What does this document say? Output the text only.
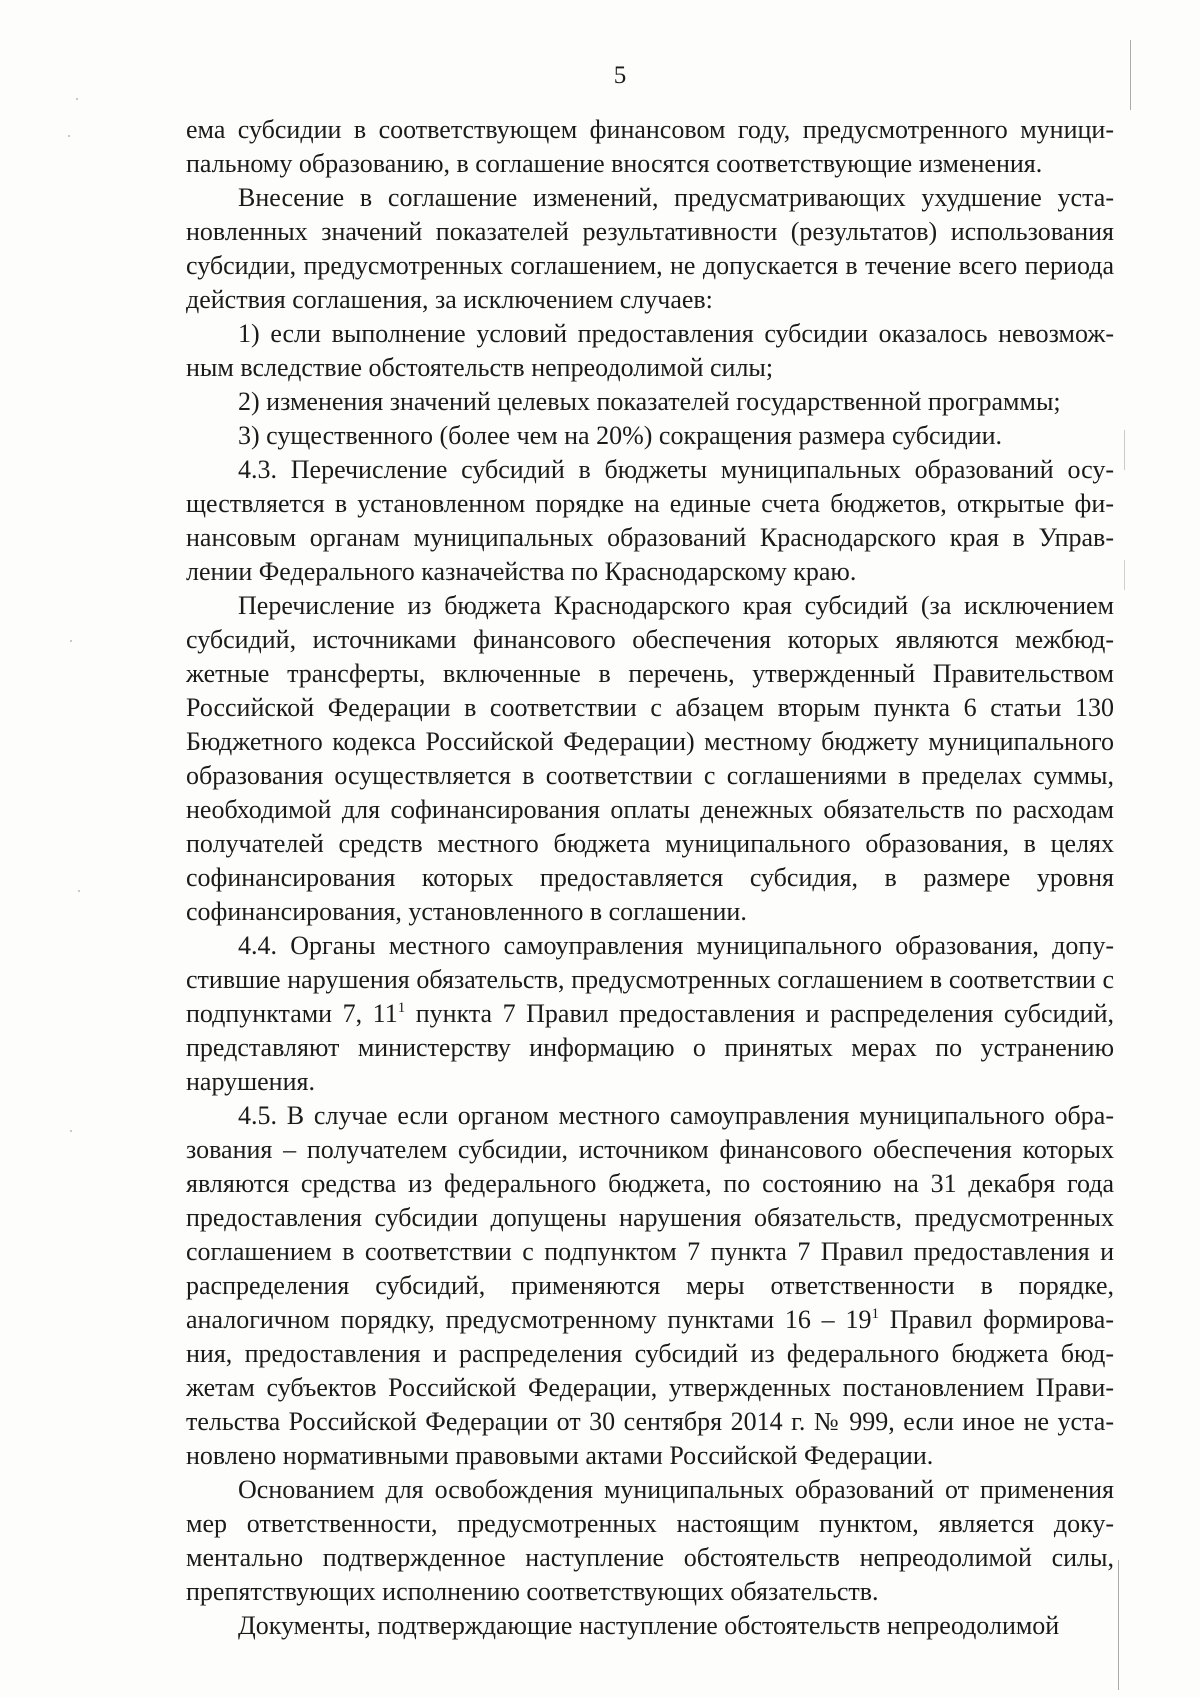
5

ема субсидии в соответствующем финансовом году, предусмотренного муниципальному образованию, в соглашение вносятся соответствующие изменения.

Внесение в соглашение изменений, предусматривающих ухудшение установленных значений показателей результативности (результатов) использования субсидии, предусмотренных соглашением, не допускается в течение всего периода действия соглашения, за исключением случаев:

1) если выполнение условий предоставления субсидии оказалось невозможным вследствие обстоятельств непреодолимой силы;

2) изменения значений целевых показателей государственной программы;

3) существенного (более чем на 20%) сокращения размера субсидии.

4.3. Перечисление субсидий в бюджеты муниципальных образований осуществляется в установленном порядке на единые счета бюджетов, открытые финансовым органам муниципальных образований Краснодарского края в Управлении Федерального казначейства по Краснодарскому краю.

Перечисление из бюджета Краснодарского края субсидий (за исключением субсидий, источниками финансового обеспечения которых являются межбюджетные трансферты, включенные в перечень, утвержденный Правительством Российской Федерации в соответствии с абзацем вторым пункта 6 статьи 130 Бюджетного кодекса Российской Федерации) местному бюджету муниципального образования осуществляется в соответствии с соглашениями в пределах суммы, необходимой для софинансирования оплаты денежных обязательств по расходам получателей средств местного бюджета муниципального образования, в целях софинансирования которых предоставляется субсидия, в размере уровня софинансирования, установленного в соглашении.

4.4. Органы местного самоуправления муниципального образования, допустившие нарушения обязательств, предусмотренных соглашением в соответствии с подпунктами 7, $11^1$ пункта 7 Правил предоставления и распределения субсидий, представляют министерству информацию о принятых мерах по устранению нарушения.

4.5. В случае если органом местного самоуправления муниципального образования – получателем субсидии, источником финансового обеспечения которых являются средства из федерального бюджета, по состоянию на 31 декабря года предоставления субсидии допущены нарушения обязательств, предусмотренных соглашением в соответствии с подпунктом 7 пункта 7 Правил предоставления и распределения субсидий, применяются меры ответственности в порядке, аналогичном порядку, предусмотренному пунктами $16 - 19^1$ Правил формирования, предоставления и распределения субсидий из федерального бюджета бюджетам субъектов Российской Федерации, утвержденных постановлением Правительства Российской Федерации от 30 сентября 2014 г. № 999, если иное не установлено нормативными правовыми актами Российской Федерации.

Основанием для освобождения муниципальных образований от применения мер ответственности, предусмотренных настоящим пунктом, является документально подтвержденное наступление обстоятельств непреодолимой силы, препятствующих исполнению соответствующих обязательств.

Документы, подтверждающие наступление обстоятельств непреодолимой
